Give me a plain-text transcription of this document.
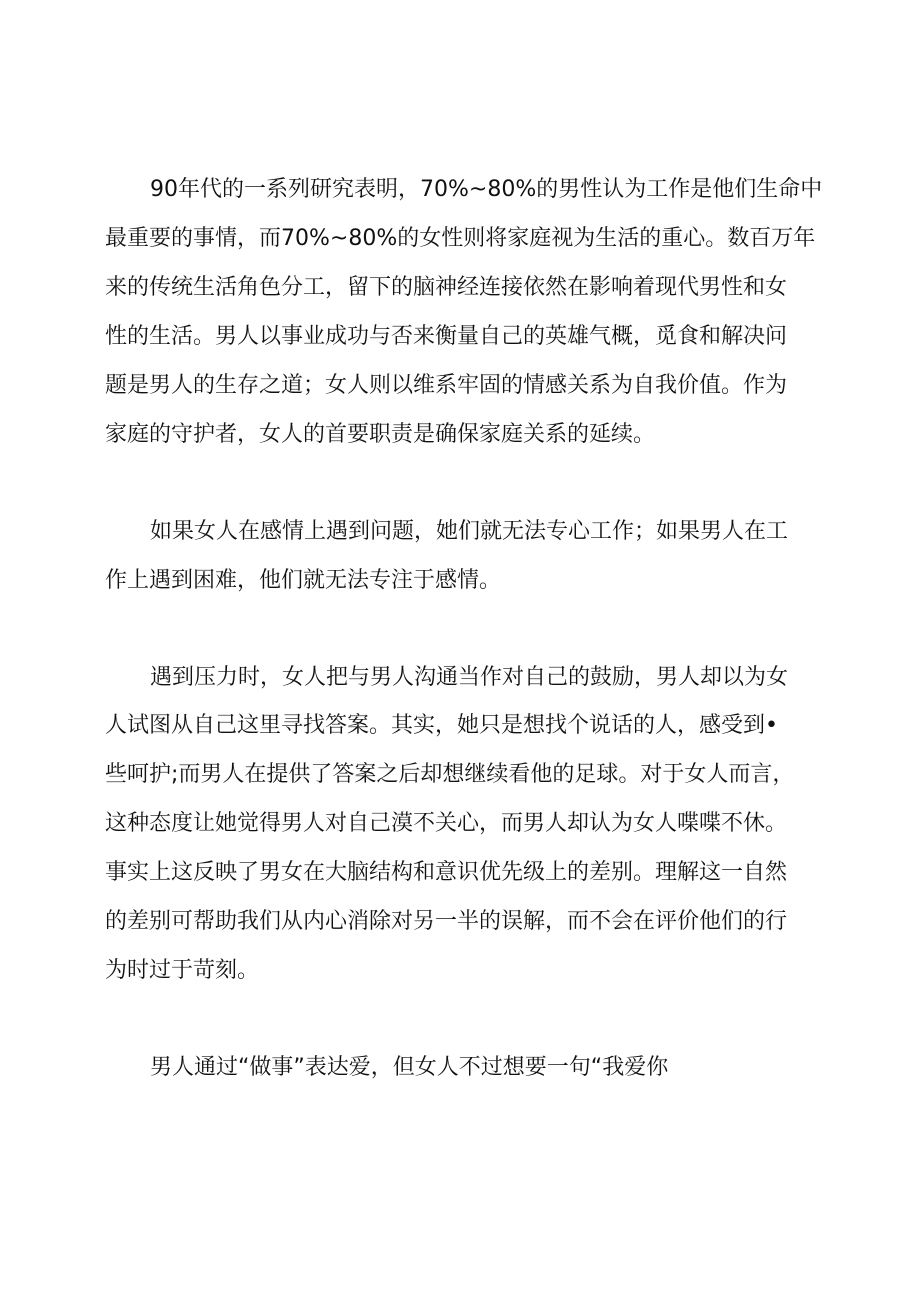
90年代的一系列研究表明，70%~80%的男性认为工作是他们生命中
最重要的事情，而70%~80%的女性则将家庭视为生活的重心。数百万年
来的传统生活角色分工，留下的脑神经连接依然在影响着现代男性和女
性的生活。男人以事业成功与否来衡量自己的英雄气概，觅食和解决问
题是男人的生存之道；女人则以维系牢固的情感关系为自我价值。作为
家庭的守护者，女人的首要职责是确保家庭关系的延续。
如果女人在感情上遇到问题，她们就无法专心工作；如果男人在工
作上遇到困难，他们就无法专注于感情。
遇到压力时，女人把与男人沟通当作对自己的鼓励，男人却以为女
人试图从自己这里寻找答案。其实，她只是想找个说话的人，感受到•
些呵护;而男人在提供了答案之后却想继续看他的足球。对于女人而言，
这种态度让她觉得男人对自己漠不关心，而男人却认为女人喋喋不休。
事实上这反映了男女在大脑结构和意识优先级上的差别。理解这一自然
的差别可帮助我们从内心消除对另一半的误解，而不会在评价他们的行
为时过于苛刻。
男人通过“做事”表达爱，但女人不过想要一句“我爱你
